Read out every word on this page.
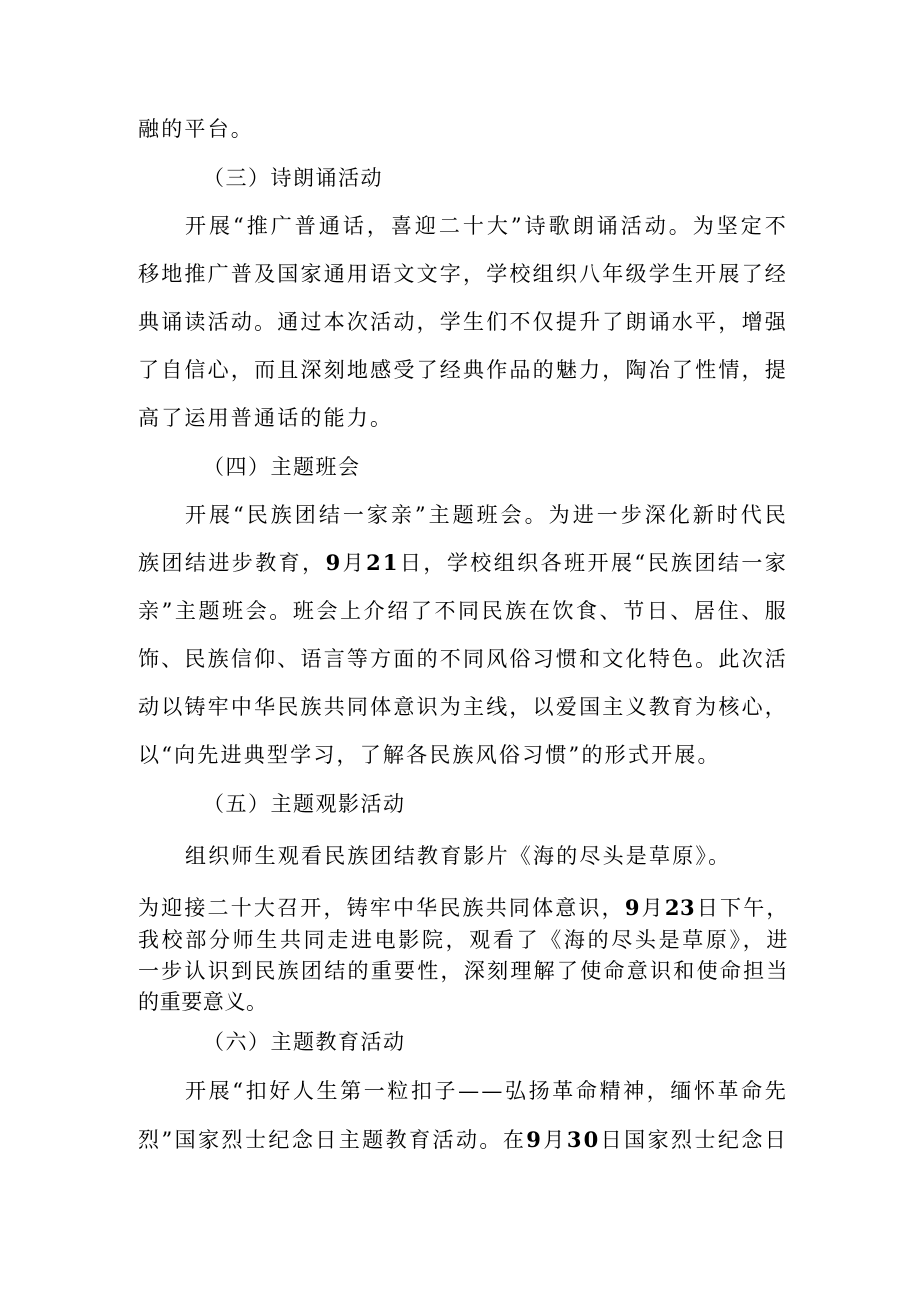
融的平台。
（三）诗朗诵活动
开展“推广普通话，喜迎二十大”诗歌朗诵活动。为坚定不
移地推广普及国家通用语文文字，学校组织八年级学生开展了经
典诵读活动。通过本次活动，学生们不仅提升了朗诵水平，增强
了自信心，而且深刻地感受了经典作品的魅力，陶冶了性情，提
高了运用普通话的能力。
（四）主题班会
开展“民族团结一家亲”主题班会。为进一步深化新时代民
族团结进步教育，9月21日，学校组织各班开展“民族团结一家
亲”主题班会。班会上介绍了不同民族在饮食、节日、居住、服
饰、民族信仰、语言等方面的不同风俗习惯和文化特色。此次活
动以铸牢中华民族共同体意识为主线，以爱国主义教育为核心，
以“向先进典型学习，了解各民族风俗习惯”的形式开展。
（五）主题观影活动
组织师生观看民族团结教育影片《海的尽头是草原》。
为迎接二十大召开，铸牢中华民族共同体意识，9月23日下午，
我校部分师生共同走进电影院，观看了《海的尽头是草原》，进
一步认识到民族团结的重要性，深刻理解了使命意识和使命担当
的重要意义。
（六）主题教育活动
开展“扣好人生第一粒扣子——弘扬革命精神，缅怀革命先
烈”国家烈士纪念日主题教育活动。在9月30日国家烈士纪念日
